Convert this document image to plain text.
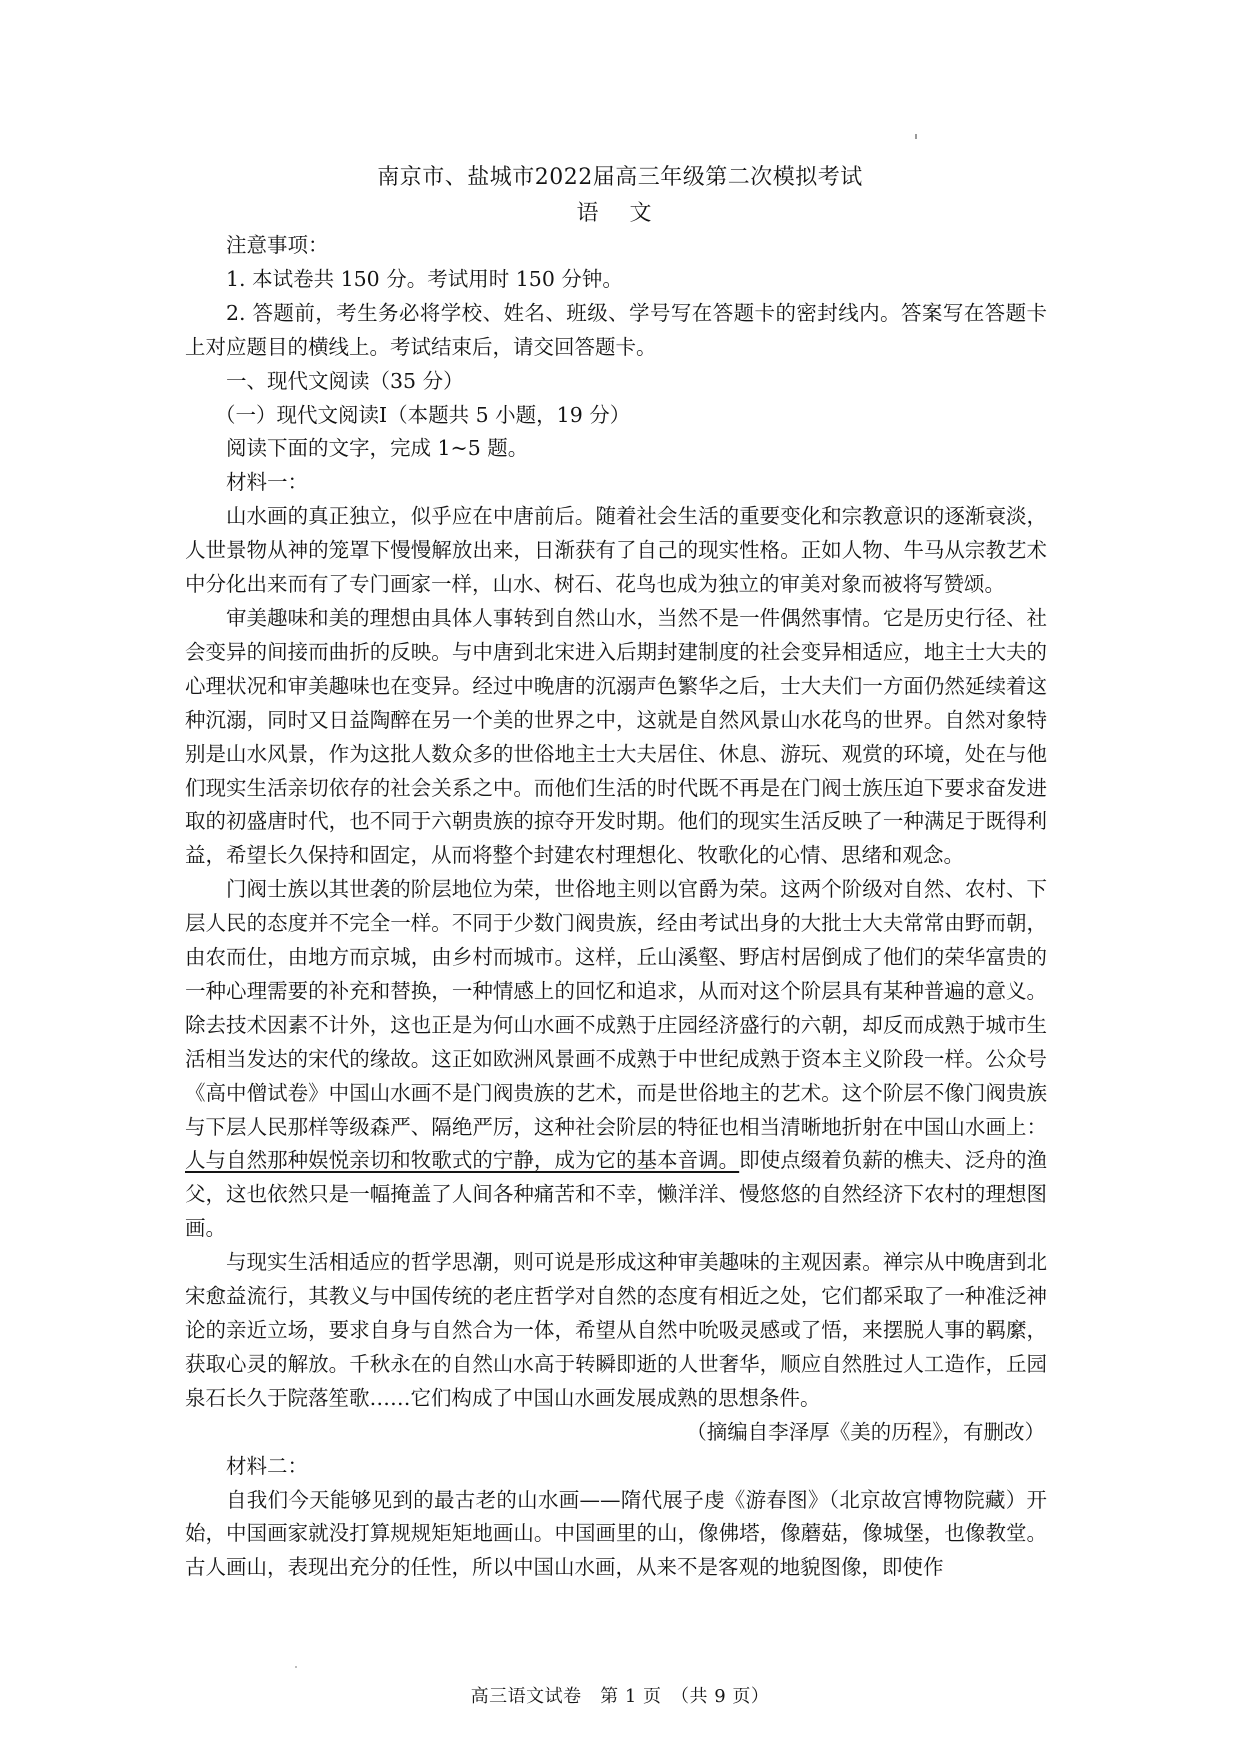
南京市、盐城市2022届高三年级第二次模拟考试
语 文

注意事项：

1. 本试卷共 150 分。考试用时 150 分钟。

2. 答题前，考生务必将学校、姓名、班级、学号写在答题卡的密封线内。答案写在答题卡上对应题目的横线上。考试结束后，请交回答题卡。

一、现代文阅读（35 分）

（一）现代文阅读Ⅰ（本题共 5 小题，19 分）

阅读下面的文字，完成 1~5 题。

材料一：

山水画的真正独立，似乎应在中唐前后。随着社会生活的重要变化和宗教意识的逐渐衰淡，人世景物从神的笼罩下慢慢解放出来，日渐获有了自己的现实性格。正如人物、牛马从宗教艺术中分化出来而有了专门画家一样，山水、树石、花鸟也成为独立的审美对象而被将写赞颂。

审美趣味和美的理想由具体人事转到自然山水，当然不是一件偶然事情。它是历史行径、社会变异的间接而曲折的反映。与中唐到北宋进入后期封建制度的社会变异相适应，地主士大夫的心理状况和审美趣味也在变异。经过中晚唐的沉溺声色繁华之后，士大夫们一方面仍然延续着这种沉溺，同时又日益陶醉在另一个美的世界之中，这就是自然风景山水花鸟的世界。自然对象特别是山水风景，作为这批人数众多的世俗地主士大夫居住、休息、游玩、观赏的环境，处在与他们现实生活亲切依存的社会关系之中。而他们生活的时代既不再是在门阀士族压迫下要求奋发进取的初盛唐时代，也不同于六朝贵族的掠夺开发时期。他们的现实生活反映了一种满足于既得利益，希望长久保持和固定，从而将整个封建农村理想化、牧歌化的心情、思绪和观念。

门阀士族以其世袭的阶层地位为荣，世俗地主则以官爵为荣。这两个阶级对自然、农村、下层人民的态度并不完全一样。不同于少数门阀贵族，经由考试出身的大批士大夫常常由野而朝，由农而仕，由地方而京城，由乡村而城市。这样，丘山溪壑、野店村居倒成了他们的荣华富贵的一种心理需要的补充和替换，一种情感上的回忆和追求，从而对这个阶层具有某种普遍的意义。除去技术因素不计外，这也正是为何山水画不成熟于庄园经济盛行的六朝，却反而成熟于城市生活相当发达的宋代的缘故。这正如欧洲风景画不成熟于中世纪成熟于资本主义阶段一样。公众号《高中僧试卷》中国山水画不是门阀贵族的艺术，而是世俗地主的艺术。这个阶层不像门阀贵族与下层人民那样等级森严、隔绝严厉，这种社会阶层的特征也相当清晰地折射在中国山水画上：人与自然那种娱悦亲切和牧歌式的宁静，成为它的基本音调。即使点缀着负薪的樵夫、泛舟的渔父，这也依然只是一幅掩盖了人间各种痛苦和不幸，懒洋洋、慢悠悠的自然经济下农村的理想图画。

与现实生活相适应的哲学思潮，则可说是形成这种审美趣味的主观因素。禅宗从中晚唐到北宋愈益流行，其教义与中国传统的老庄哲学对自然的态度有相近之处，它们都采取了一种准泛神论的亲近立场，要求自身与自然合为一体，希望从自然中吮吸灵感或了悟，来摆脱人事的羁縻，获取心灵的解放。千秋永在的自然山水高于转瞬即逝的人世奢华，顺应自然胜过人工造作，丘园泉石长久于院落笙歌……它们构成了中国山水画发展成熟的思想条件。

（摘编自李泽厚《美的历程》，有删改）

材料二：

自我们今天能够见到的最古老的山水画——隋代展子虔《游春图》（北京故宫博物院藏）开始，中国画家就没打算规规矩矩地画山。中国画里的山，像佛塔，像蘑菇，像城堡，也像教堂。古人画山，表现出充分的任性，所以中国山水画，从来不是客观的地貌图像，即使作

高三语文试卷　第 1 页　（共 9 页）
